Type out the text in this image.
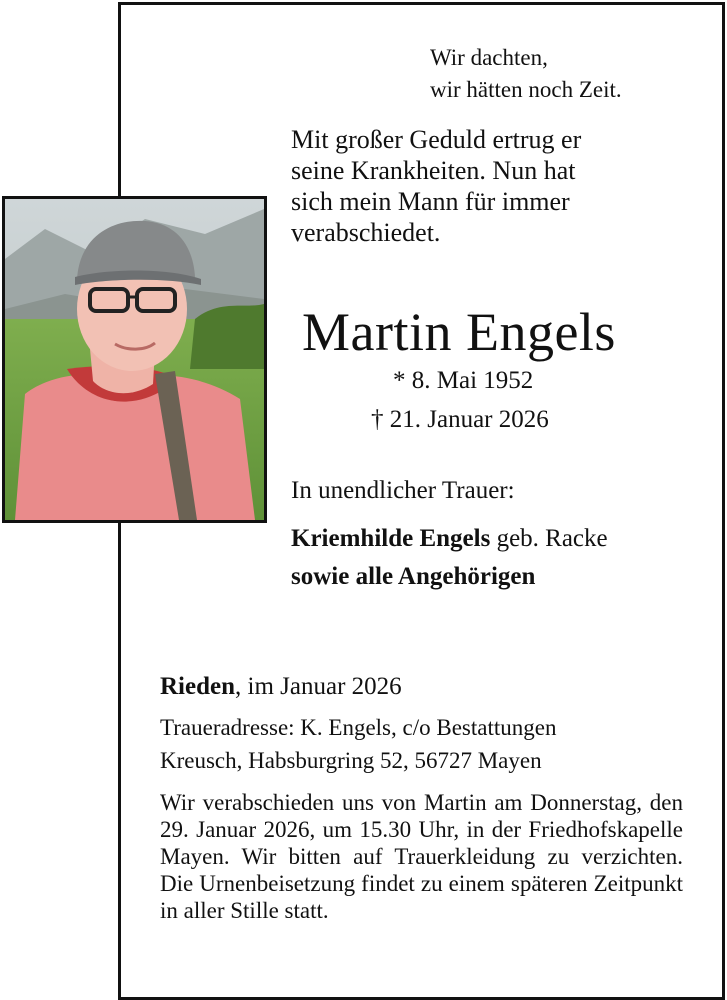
Wir dachten,
wir hätten noch Zeit.
Mit großer Geduld ertrug er
seine Krankheiten. Nun hat
sich mein Mann für immer
verabschiedet.
Martin Engels
* 8. Mai 1952
† 21. Januar 2026
In unendlicher Trauer:
Kriemhilde Engels geb. Racke
sowie alle Angehörigen
Rieden, im Januar 2026
Traueradresse: K. Engels, c/o Bestattungen
Kreusch, Habsburgring 52, 56727 Mayen
Wir verabschieden uns von Martin am Donnerstag, den 29. Januar 2026, um 15.30 Uhr, in der Friedhofskapelle Mayen. Wir bitten auf Trauerkleidung zu verzichten. Die Urnenbeisetzung findet zu einem späteren Zeitpunkt in aller Stille statt.
